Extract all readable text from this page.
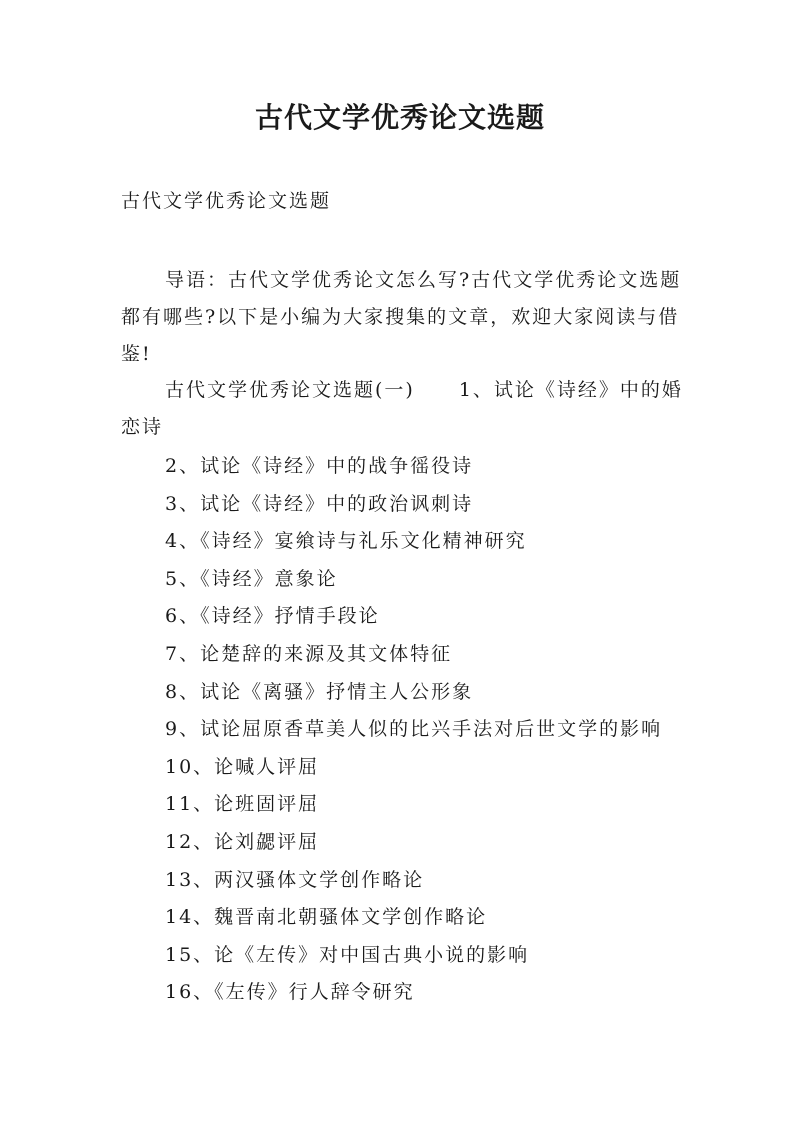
古代文学优秀论文选题

古代文学优秀论文选题

导语：古代文学优秀论文怎么写?古代文学优秀论文选题都有哪些?以下是小编为大家搜集的文章，欢迎大家阅读与借鉴!

古代文学优秀论文选题(一) 1、试论《诗经》中的婚恋诗

2、试论《诗经》中的战争徭役诗
3、试论《诗经》中的政治讽刺诗
4、《诗经》宴飨诗与礼乐文化精神研究
5、《诗经》意象论
6、《诗经》抒情手段论
7、论楚辞的来源及其文体特征
8、试论《离骚》抒情主人公形象
9、试论屈原香草美人似的比兴手法对后世文学的影响
10、论喊人评屈
11、论班固评屈
12、论刘勰评屈
13、两汉骚体文学创作略论
14、魏晋南北朝骚体文学创作略论
15、论《左传》对中国古典小说的影响
16、《左传》行人辞令研究
